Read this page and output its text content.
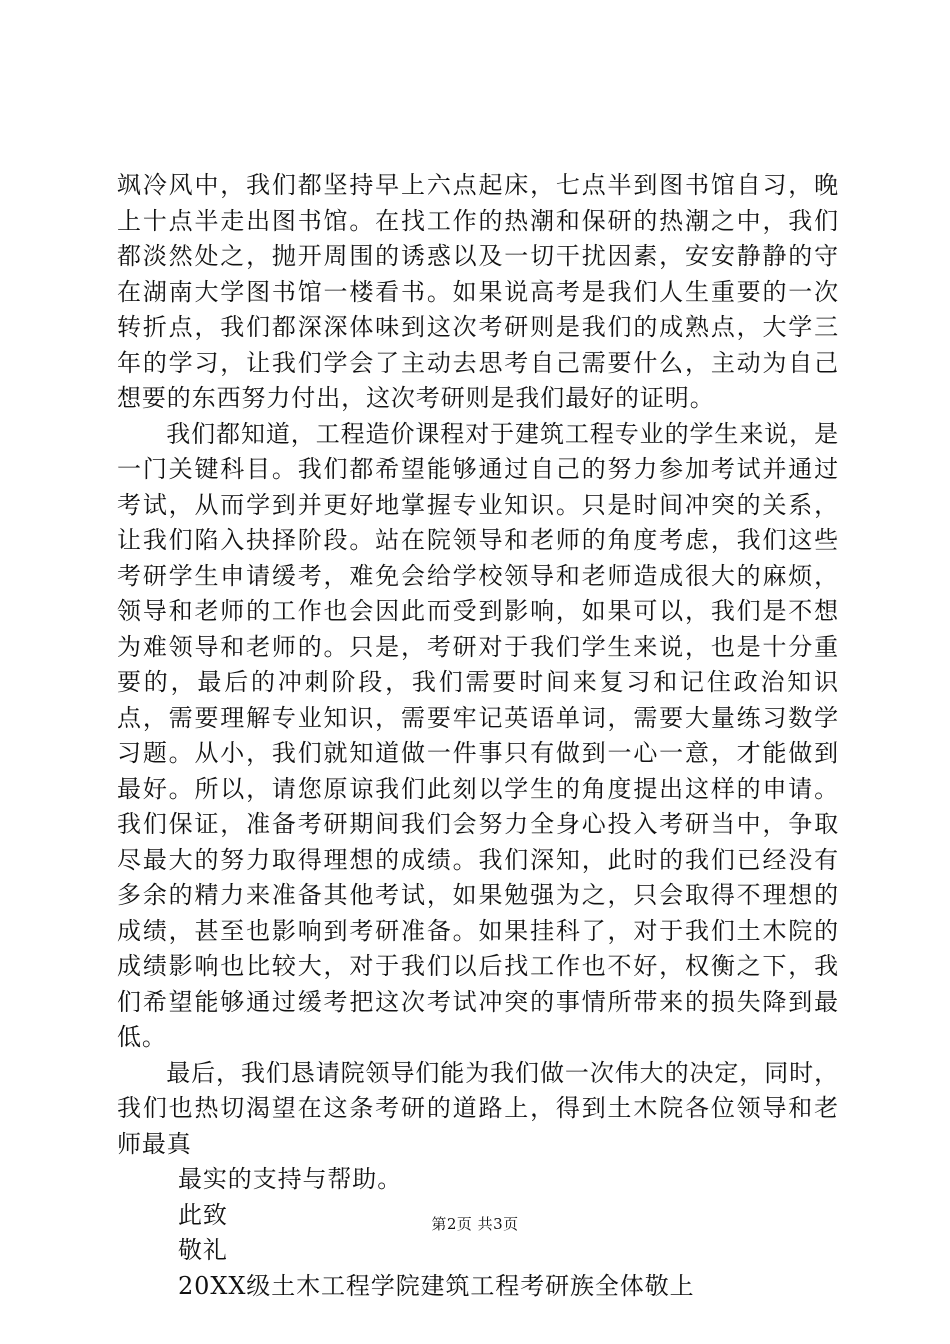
飒冷风中，我们都坚持早上六点起床，七点半到图书馆自习，晚上十点半走出图书馆。在找工作的热潮和保研的热潮之中，我们都淡然处之，抛开周围的诱惑以及一切干扰因素，安安静静的守在湖南大学图书馆一楼看书。如果说高考是我们人生重要的一次转折点，我们都深深体味到这次考研则是我们的成熟点，大学三年的学习，让我们学会了主动去思考自己需要什么，主动为自己想要的东西努力付出，这次考研则是我们最好的证明。

我们都知道，工程造价课程对于建筑工程专业的学生来说，是一门关键科目。我们都希望能够通过自己的努力参加考试并通过考试，从而学到并更好地掌握专业知识。只是时间冲突的关系，让我们陷入抉择阶段。站在院领导和老师的角度考虑，我们这些考研学生申请缓考，难免会给学校领导和老师造成很大的麻烦，领导和老师的工作也会因此而受到影响，如果可以，我们是不想为难领导和老师的。只是，考研对于我们学生来说，也是十分重要的，最后的冲刺阶段，我们需要时间来复习和记住政治知识点，需要理解专业知识，需要牢记英语单词，需要大量练习数学习题。从小，我们就知道做一件事只有做到一心一意，才能做到最好。所以，请您原谅我们此刻以学生的角度提出这样的申请。我们保证，准备考研期间我们会努力全身心投入考研当中，争取尽最大的努力取得理想的成绩。我们深知，此时的我们已经没有多余的精力来准备其他考试，如果勉强为之，只会取得不理想的成绩，甚至也影响到考研准备。如果挂科了，对于我们土木院的成绩影响也比较大，对于我们以后找工作也不好，权衡之下，我们希望能够通过缓考把这次考试冲突的事情所带来的损失降到最低。

最后，我们恳请院领导们能为我们做一次伟大的决定，同时，我们也热切渴望在这条考研的道路上，得到土木院各位领导和老师最真

最实的支持与帮助。

此致

敬礼

20XX级土木工程学院建筑工程考研族全体敬上

第2页 共3页
